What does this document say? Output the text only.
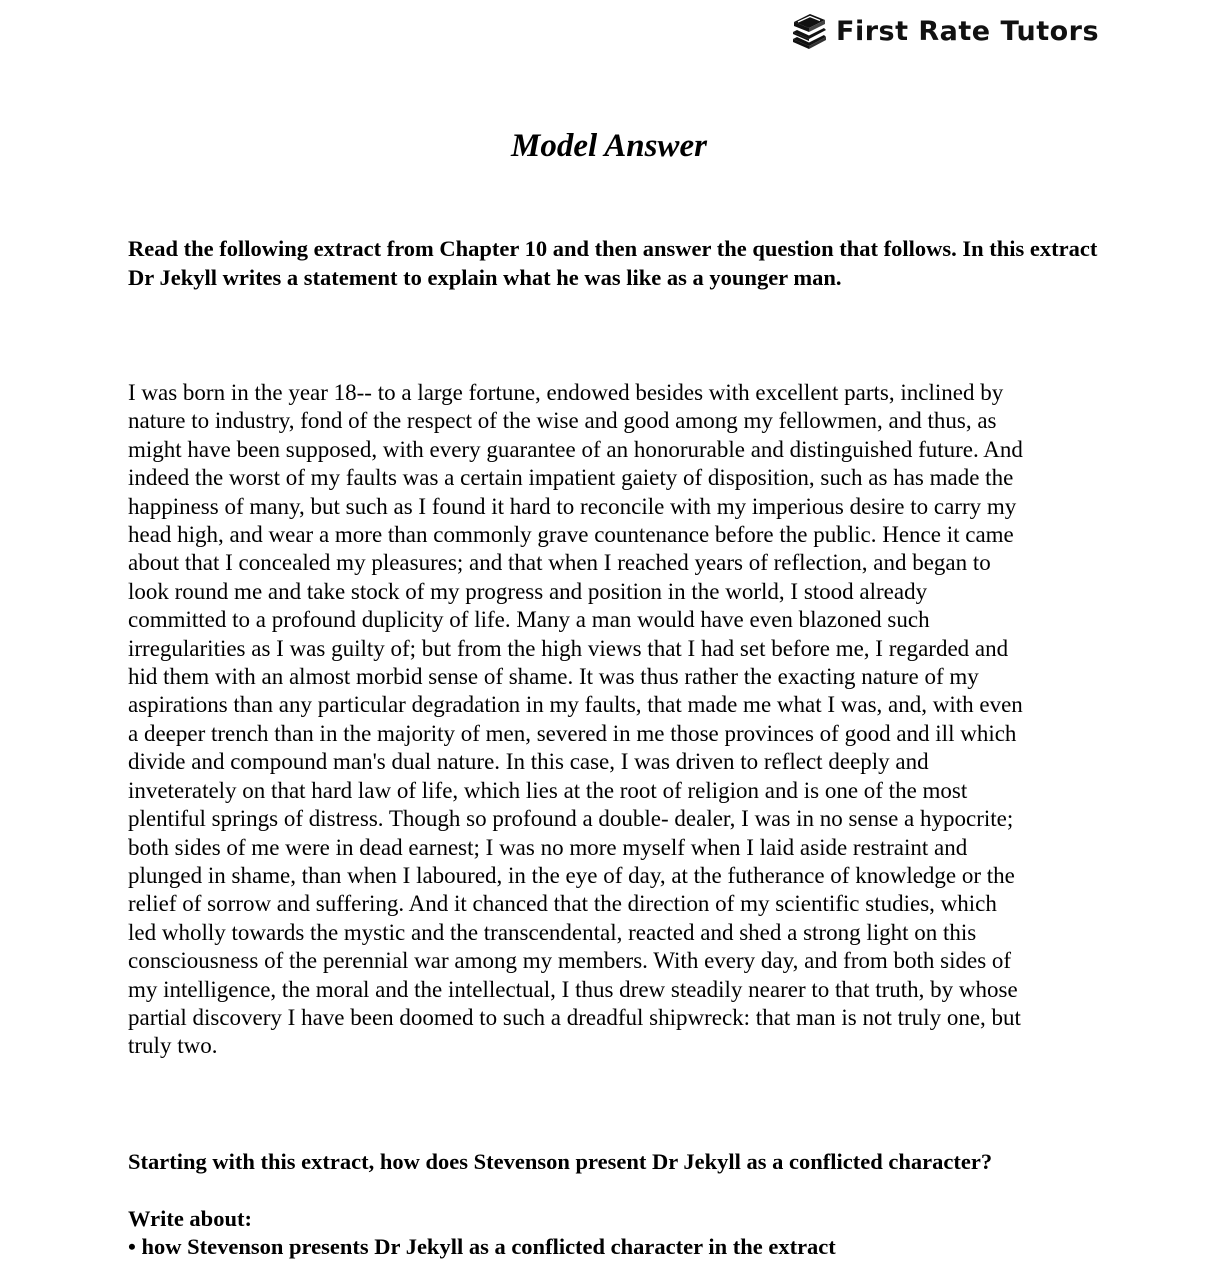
First Rate Tutors
Model Answer

Read the following extract from Chapter 10 and then answer the question that follows. In this extract Dr Jekyll writes a statement to explain what he was like as a younger man.

I was born in the year 18-- to a large fortune, endowed besides with excellent parts, inclined by
nature to industry, fond of the respect of the wise and good among my fellowmen, and thus, as
might have been supposed, with every guarantee of an honorurable and distinguished future. And
indeed the worst of my faults was a certain impatient gaiety of disposition, such as has made the
happiness of many, but such as I found it hard to reconcile with my imperious desire to carry my
head high, and wear a more than commonly grave countenance before the public. Hence it came
about that I concealed my pleasures; and that when I reached years of reflection, and began to
look round me and take stock of my progress and position in the world, I stood already
committed to a profound duplicity of life. Many a man would have even blazoned such
irregularities as I was guilty of; but from the high views that I had set before me, I regarded and
hid them with an almost morbid sense of shame. It was thus rather the exacting nature of my
aspirations than any particular degradation in my faults, that made me what I was, and, with even
a deeper trench than in the majority of men, severed in me those provinces of good and ill which
divide and compound man's dual nature. In this case, I was driven to reflect deeply and
inveterately on that hard law of life, which lies at the root of religion and is one of the most
plentiful springs of distress. Though so profound a double- dealer, I was in no sense a hypocrite;
both sides of me were in dead earnest; I was no more myself when I laid aside restraint and
plunged in shame, than when I laboured, in the eye of day, at the futherance of knowledge or the
relief of sorrow and suffering. And it chanced that the direction of my scientific studies, which
led wholly towards the mystic and the transcendental, reacted and shed a strong light on this
consciousness of the perennial war among my members. With every day, and from both sides of
my intelligence, the moral and the intellectual, I thus drew steadily nearer to that truth, by whose
partial discovery I have been doomed to such a dreadful shipwreck: that man is not truly one, but
truly two.

Starting with this extract, how does Stevenson present Dr Jekyll as a conflicted character?

Write about:

• how Stevenson presents Dr Jekyll as a conflicted character in the extract
